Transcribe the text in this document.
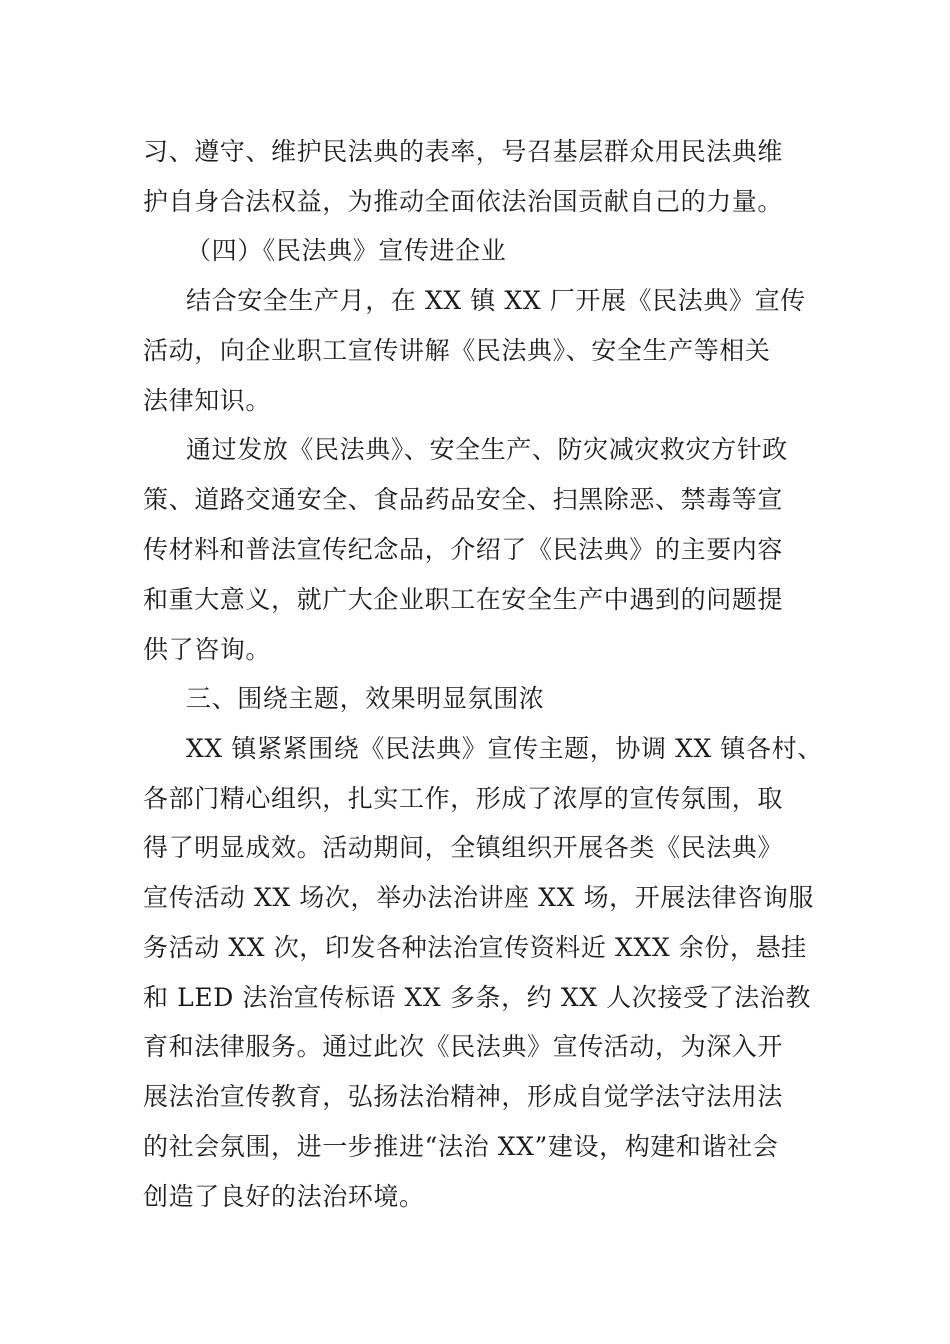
习、遵守、维护民法典的表率，号召基层群众用民法典维
护自身合法权益，为推动全面依法治国贡献自己的力量。
（四）《民法典》宣传进企业
结合安全生产月，在 XX 镇 XX 厂开展《民法典》宣传
活动，向企业职工宣传讲解《民法典》、安全生产等相关
法律知识。
通过发放《民法典》、安全生产、防灾减灾救灾方针政
策、道路交通安全、食品药品安全、扫黑除恶、禁毒等宣
传材料和普法宣传纪念品，介绍了《民法典》的主要内容
和重大意义，就广大企业职工在安全生产中遇到的问题提
供了咨询。
三、围绕主题，效果明显氛围浓
XX 镇紧紧围绕《民法典》宣传主题，协调 XX 镇各村、
各部门精心组织，扎实工作，形成了浓厚的宣传氛围，取
得了明显成效。活动期间，全镇组织开展各类《民法典》
宣传活动 XX 场次，举办法治讲座 XX 场，开展法律咨询服
务活动 XX 次，印发各种法治宣传资料近 XXX 余份，悬挂
和 LED 法治宣传标语 XX 多条，约 XX 人次接受了法治教
育和法律服务。通过此次《民法典》宣传活动，为深入开
展法治宣传教育，弘扬法治精神，形成自觉学法守法用法
的社会氛围，进一步推进“法治 XX”建设，构建和谐社会
创造了良好的法治环境。
